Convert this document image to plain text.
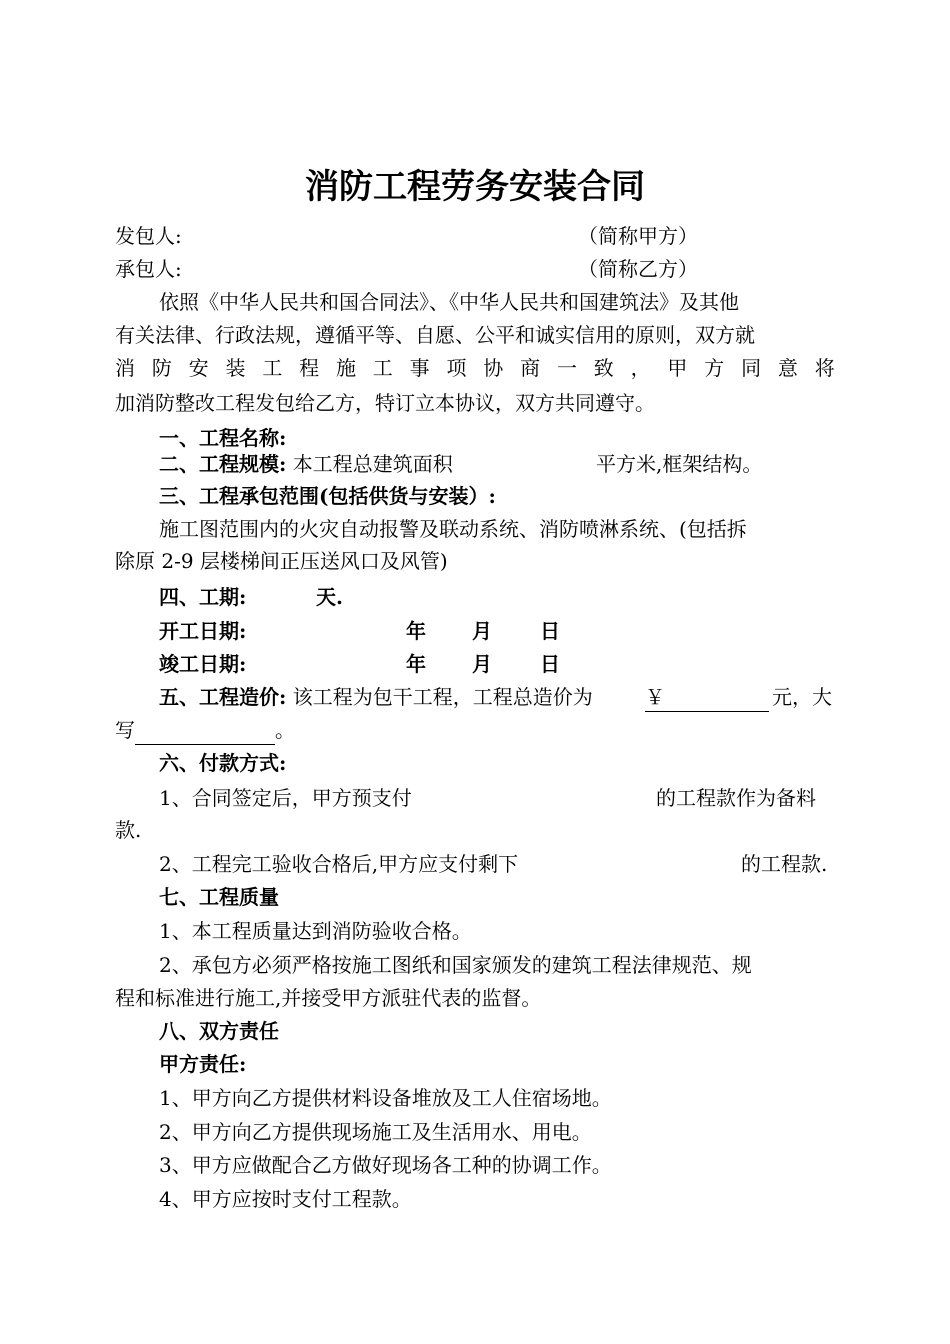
消防工程劳务安装合同
发包人:	（简称甲方）
承包人:	（简称乙方）
依照《中华人民共和国合同法》、《中华人民共和国建筑法》及其他
有关法律、行政法规，遵循平等、自愿、公平和诚实信用的原则，双方就
消 防 安 装 工 程 施 工 事 项 协 商 一 致 ， 甲 方 同 意 将
加消防整改工程发包给乙方，特订立本协议，双方共同遵守。
一、工程名称:
二、工程规模: 本工程总建筑面积	平方米,框架结构。
三、工程承包范围(包括供货与安装）:
施工图范围内的火灾自动报警及联动系统、消防喷淋系统、(包括拆
除原 2-9 层楼梯间正压送风口及风管)
四、工期:	天.
开工日期:	年 月 日
竣工日期:	年 月 日
五、工程造价: 该工程为包干工程，工程总造价为	￥	元，大
写	。
六、付款方式:
1、合同签定后，甲方预支付	的工程款作为备料
款.
2、工程完工验收合格后,甲方应支付剩下	的工程款.
七、工程质量
1、本工程质量达到消防验收合格。
2、承包方必须严格按施工图纸和国家颁发的建筑工程法律规范、规
程和标准进行施工,并接受甲方派驻代表的监督。
八、双方责任
甲方责任:
1、甲方向乙方提供材料设备堆放及工人住宿场地。
2、甲方向乙方提供现场施工及生活用水、用电。
3、甲方应做配合乙方做好现场各工种的协调工作。
4、甲方应按时支付工程款。
